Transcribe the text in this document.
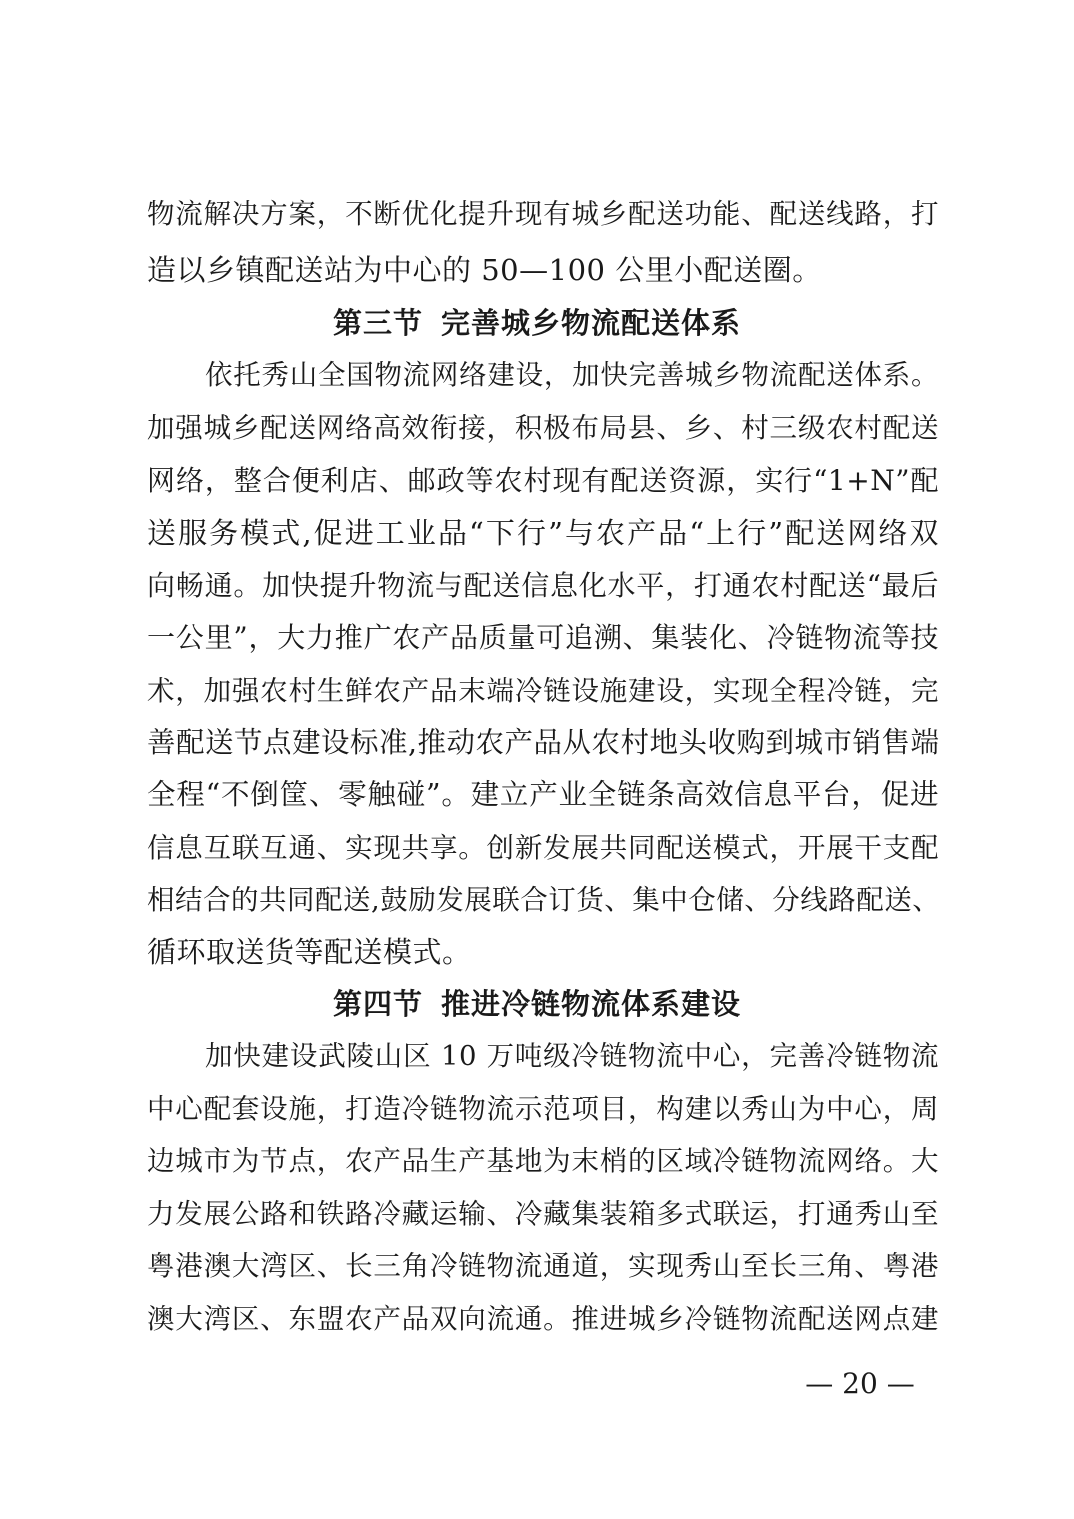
物流解决方案，不断优化提升现有城乡配送功能、配送线路，打
造以乡镇配送站为中心的 50—100 公里小配送圈。
第三节 完善城乡物流配送体系
依托秀山全国物流网络建设，加快完善城乡物流配送体系。
加强城乡配送网络高效衔接，积极布局县、乡、村三级农村配送
网络，整合便利店、邮政等农村现有配送资源，实行“1+N”配
送服务模式,促进工业品“下行”与农产品“上行”配送网络双
向畅通。加快提升物流与配送信息化水平，打通农村配送“最后
一公里”，大力推广农产品质量可追溯、集装化、冷链物流等技
术，加强农村生鲜农产品末端冷链设施建设，实现全程冷链，完
善配送节点建设标准,推动农产品从农村地头收购到城市销售端
全程“不倒筐、零触碰”。建立产业全链条高效信息平台，促进
信息互联互通、实现共享。创新发展共同配送模式，开展干支配
相结合的共同配送,鼓励发展联合订货、集中仓储、分线路配送、
循环取送货等配送模式。
第四节 推进冷链物流体系建设
加快建设武陵山区 10 万吨级冷链物流中心，完善冷链物流
中心配套设施，打造冷链物流示范项目，构建以秀山为中心，周
边城市为节点，农产品生产基地为末梢的区域冷链物流网络。大
力发展公路和铁路冷藏运输、冷藏集装箱多式联运，打通秀山至
粤港澳大湾区、长三角冷链物流通道，实现秀山至长三角、粤港
澳大湾区、东盟农产品双向流通。推进城乡冷链物流配送网点建
— 20 —
